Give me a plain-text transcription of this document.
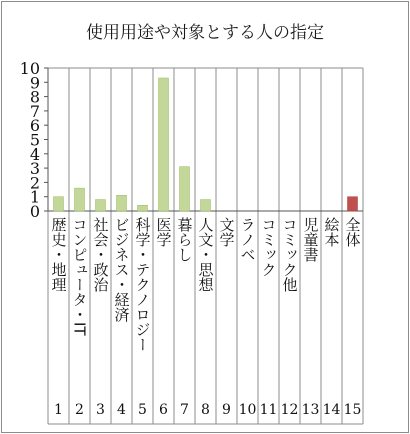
使用用途や対象とする人の指定
0
1
2
3
4
5
6
7
8
9
10
歴史・地理 コンピュータ・IT 社会・政治 ビジネス・経済 科学・テクノロジー 医学 暮らし 人文・思想 文学 ラノベ コミック コミック他 児童書 絵本 全体
1 2 3 4 5 6 7 8 9 10 11 12 13 14 15
